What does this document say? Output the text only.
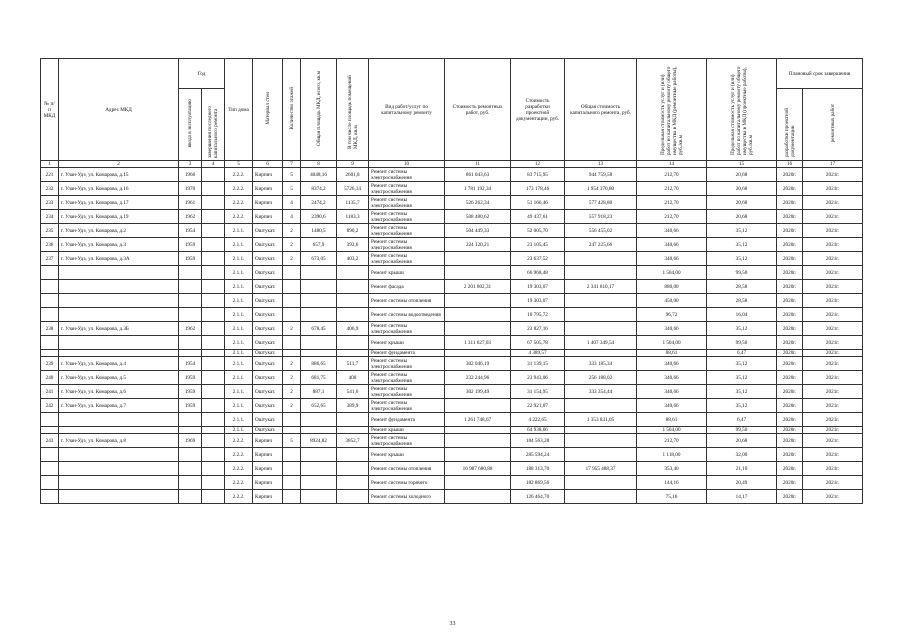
№ п/п МКД	Адрес МКД	Год		Тип дома	Материал стен	Количество этажей	Общая площадь МКД, всего, кв.м	В том числе площадь помещений МКД, кв.м	Вид работ/услуг по капитальному ремонту	Стоимость ремонтных работ, руб.	Стоимость разработки проектной документации, руб.	Общая стоимость капитального ремонта, руб.	Предельная стоимость услуг и (или) работ по капитальному ремонту общего имущества в МКД (ремонтные работы), руб./кв.м	Предельная стоимость услуг и (или) работ по капитальному ремонту общего имущества в МКД (проектные работы), руб./кв.м	Плановый срок завершения	
		ввода в эксплуатацию	завершения последнего капитального ремонта												разработки проектной документации	ремонтных работ
1	2	3	4	5	6	7	8	9	10	11	12	13	14	15	16	17
221	г. Улан-Удэ, ул. Комарова, д.15	1966		2.2.2.	Кирпич	5	4048,16	2601,8	Ремонт системы электроснабжения	861 043,63	83 715,95	944 759,58	212,70	20,68	2020г.	2021г.
232	г. Улан-Удэ, ул. Комарова, д.16	1970		2.2.2.	Кирпич	5	8374,2	5726,14	Ремонт системы электроснабжения	1 781 192,34	173 178,46	1 954 370,80	212,70	20,68	2020г.	2021г.
233	г. Улан-Удэ, ул. Комарова, д.17	1961		2.2.2.	Кирпич	4	2474,2	1135,7	Ремонт системы электроснабжения	526 262,34	51 166,46	577 428,80	212,70	20,68	2020г.	2021г.
234	г. Улан-Удэ, ул. Комарова, д.19	1962		2.2.2.	Кирпич	4	2390,6	1183,3	Ремонт системы электроснабжения	508 480,62	49 437,61	557 918,23	212,70	20,68	2020г.	2021г.
235	г. Улан-Удэ, ул. Комарова, д.2	1954		2.1.1.	Оштукат.	2	1480,5	890,2	Ремонт системы электроснабжения	504 449,33	52 005,70	556 455,02	340,66	35,12	2020г.	2021г.
236	г. Улан-Удэ, ул. Комарова, д.3	1959		2.1.1.	Оштукат.	2	657,9	392,6	Ремонт системы электроснабжения	224 120,21	23 105,45	247 225,66	340,66	35,12	2020г.	2021г.
237	г. Улан-Удэ, ул. Комарова, д.3А	1959		2.1.1.	Оштукат.	2	673,05	403,2	Ремонт системы электроснабжения		23 637,52		340,66	35,12	2020г.	2021г.
				2.1.1.	Оштукат.				Ремонт крыши		66 968,48		1 504,00	99,50	2020г.	2021г.
				2.1.1.	Оштукат.				Ремонт фасада	2 201 802,31	19 303,07	2 341 810,17	880,00	28,58	2020г.	2021г.
				2.1.1.	Оштукат.				Ремонт системы отопления		19 303,07		450,00	28,58	2020г.	2021г.
				2.1.1.	Оштукат.				Ремонт системы водоотведения		10 795,72		96,72	16,04	2020г.	2021г.
238	г. Улан-Удэ, ул. Комарова, д.3Б	1962		2.1.1.	Оштукат.	2	678,45	406,9	Ремонт системы электроснабжения		23 827,16		340,66	35,12	2020г.	2021г.
				2.1.1.	Оштукат.				Ремонт крыши	1 311 627,03	67 505,78	1 407 349,54	1 504,00	99,50	2020г.	2021г.
				2.1.1.	Оштукат.				Ремонт фундамента		4 389,57		88,61	6,47	2020г.	2021г.
239	г. Улан-Удэ, ул. Комарова, д.4	1954		2.1.1.	Оштукат.	2	886,65	511,7	Ремонт системы электроснабжения	302 046,19	31 139,15	333 185,34	340,66	35,12	2020г.	2021г.
240	г. Улан-Удэ, ул. Комарова, д.5	1959		2.1.1.	Оштукат.	2	681,75	408	Ремонт системы электроснабжения	232 244,96	23 943,06	256 188,02	340,66	35,12	2020г.	2021г.
241	г. Улан-Удэ, ул. Комарова, д.6	1959		2.1.1.	Оштукат.	2	887,1	541,6	Ремонт системы электроснабжения	302 199,49	31 154,95	333 354,44	340,66	35,12	2020г.	2021г.
242	г. Улан-Удэ, ул. Комарова, д.7	1959		2.1.1.	Оштукат.	2	652,65	389,9	Ремонт системы электроснабжения		22 921,07		340,66	35,12	2020г.	2021г.
				2.1.1.	Оштукат.				Ремонт фундамента	1 261 748,67	4 222,65	1 353 831,05	88,61	6,47	2020г.	2021г.
				2.1.1.	Оштукат.				Ремонт крыши		64 938,66		1 504,00	99,50	2020г.	2021г.
243	г. Улан-Удэ, ул. Комарова, д.8	1969		2.2.2.	Кирпич	5	8924,82	3852,7	Ремонт системы электроснабжения		184 563,28		212,70	20,68	2020г.	2021г.
				2.2.2.	Кирпич				Ремонт крыши		285 594,24		1 118,00	32,00	2020г.	2021г.
				2.2.2.	Кирпич				Ремонт системы отопления	16 987 680,88	188 313,70	17 955 488,37	353,40	21,10	2020г.	2021г.
				2.2.2.	Кирпич				Ремонт системы горячего		182 869,56		144,16	20,49	2020г.	2021г.
				2.2.2.	Кирпич				Ремонт системы холодного		126 464,70		75,16	14,17	2020г.	2021г.
33
